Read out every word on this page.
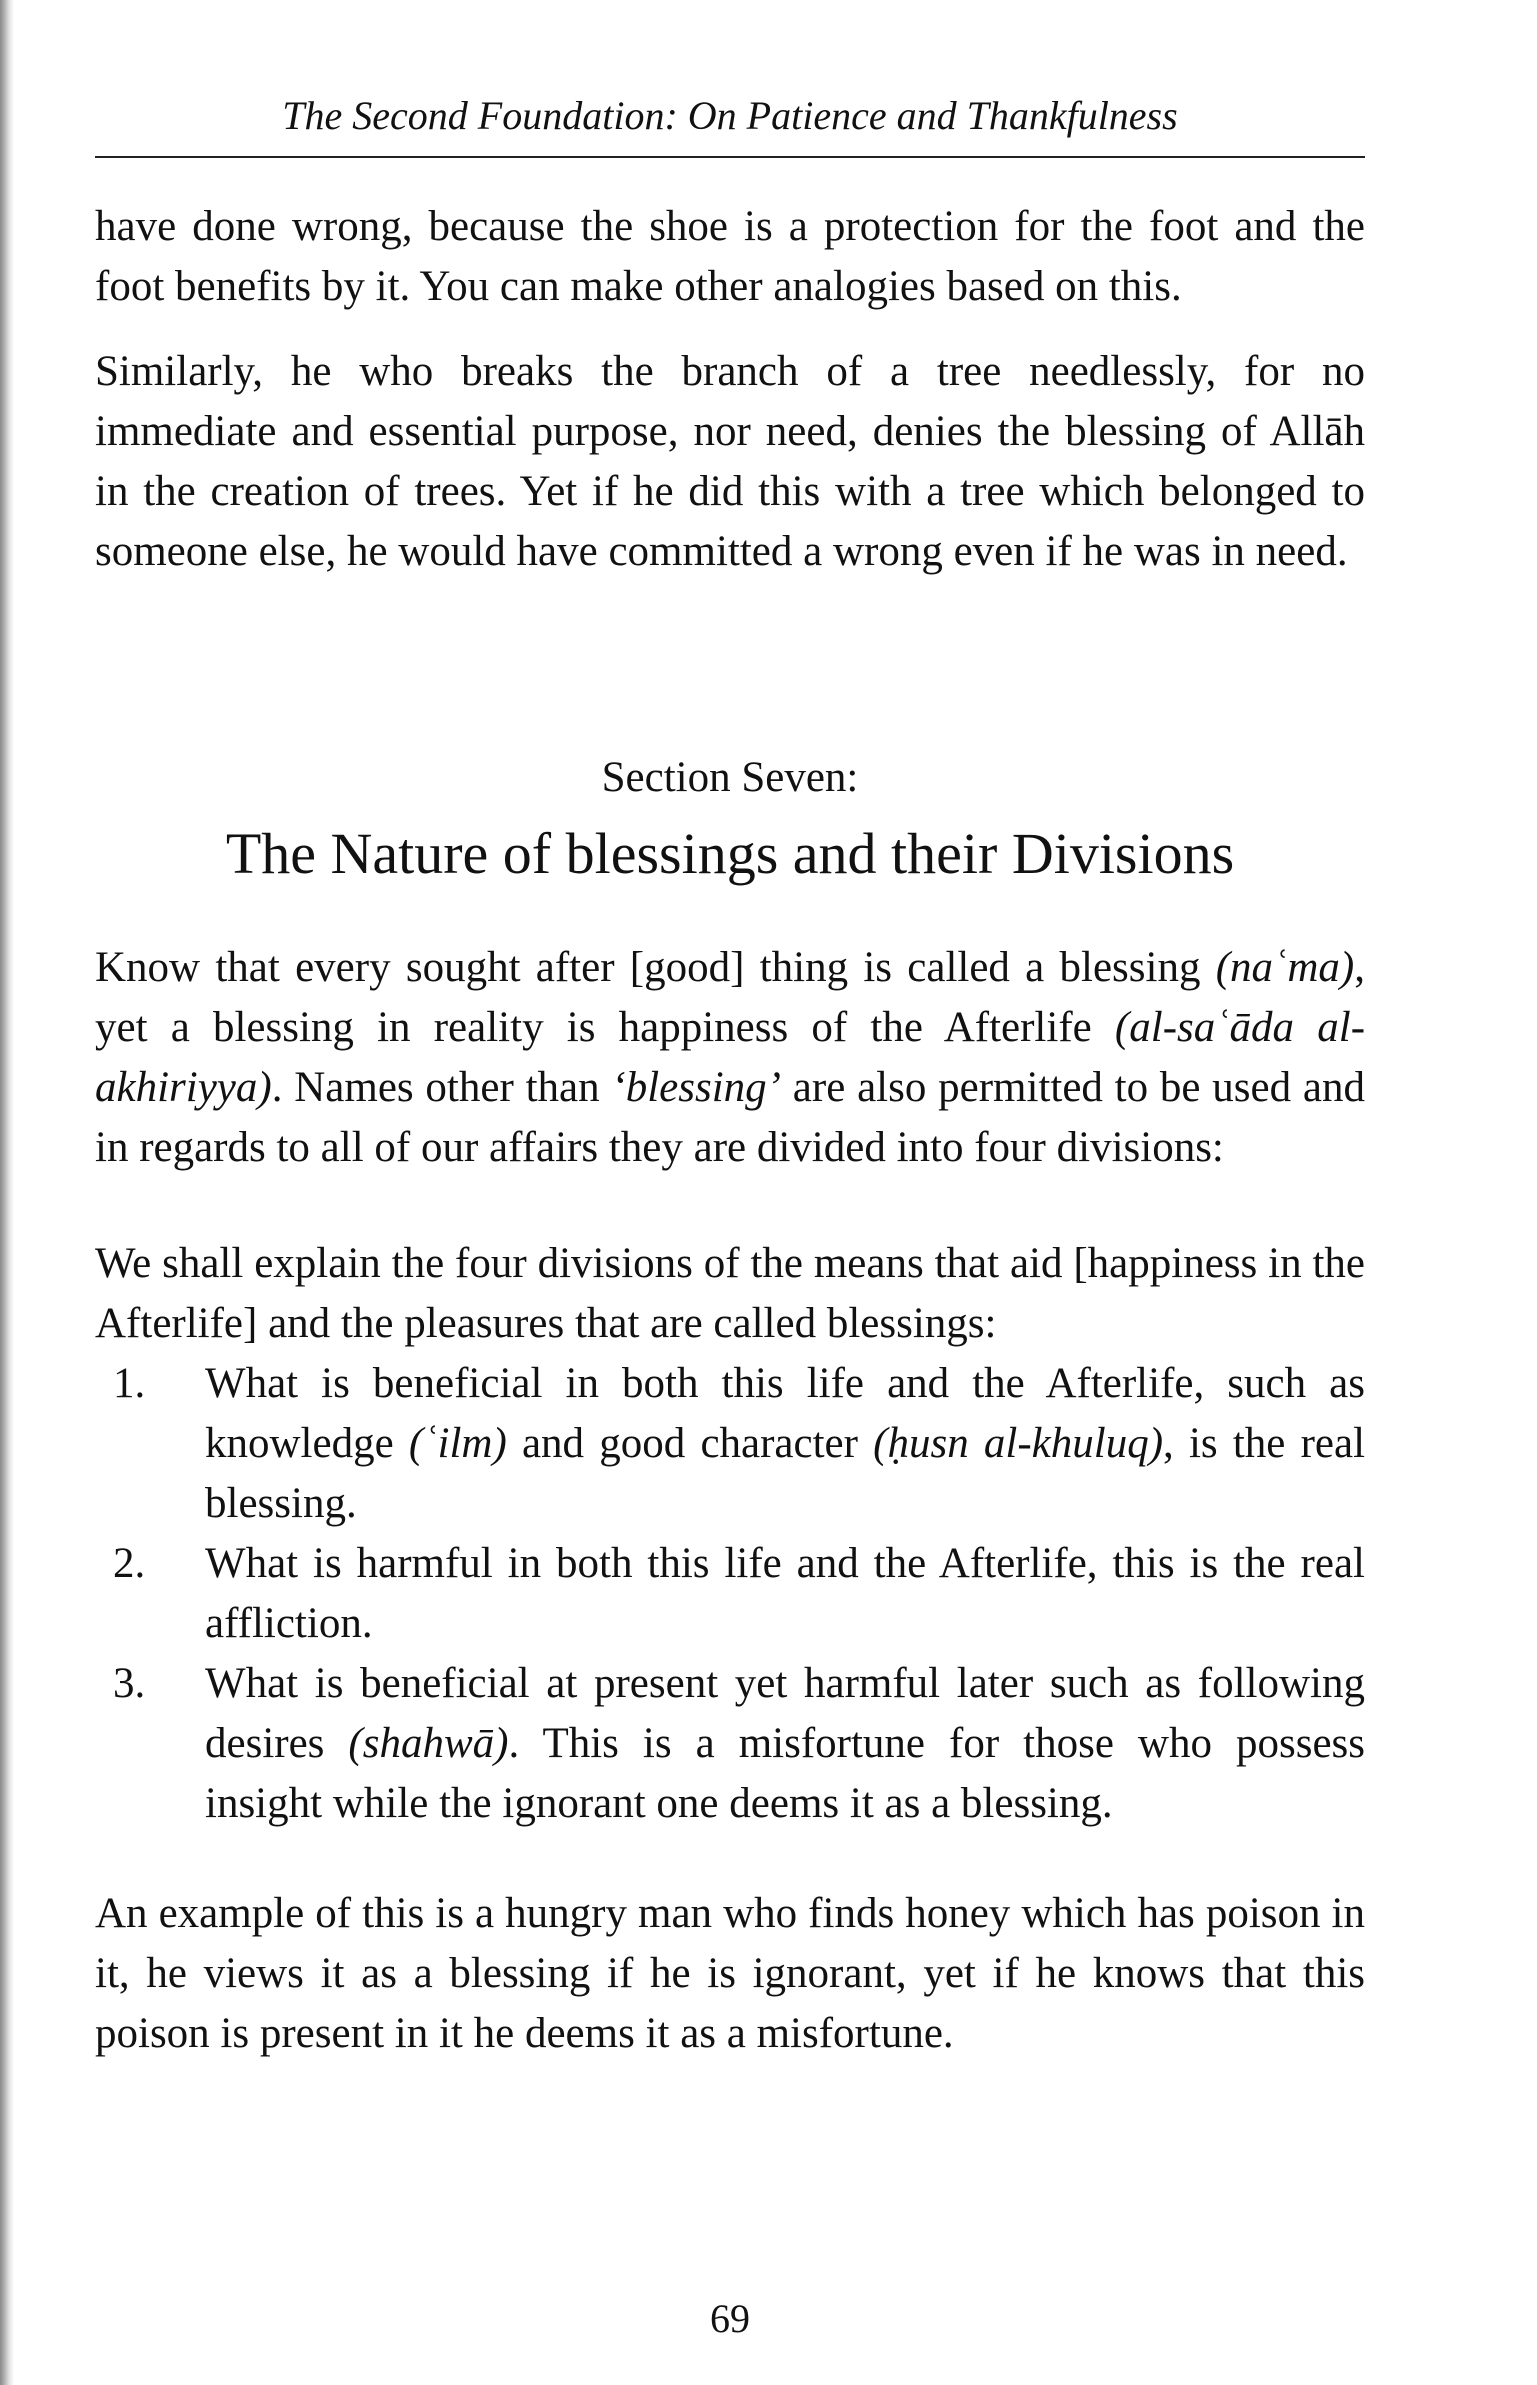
The Second Foundation: On Patience and Thankfulness

have done wrong, because the shoe is a protection for the foot and the foot benefits by it. You can make other analogies based on this.

Similarly, he who breaks the branch of a tree needlessly, for no immediate and essential purpose, nor need, denies the blessing of Allāh in the creation of trees. Yet if he did this with a tree which belonged to someone else, he would have committed a wrong even if he was in need.

Section Seven:
The Nature of blessings and their Divisions

Know that every sought after [good] thing is called a blessing (naʿma), yet a blessing in reality is happiness of the Afterlife (al-saʿāda al-akhiriyya). Names other than ‘blessing’ are also permitted to be used and in regards to all of our affairs they are divided into four divisions:

We shall explain the four divisions of the means that aid [happiness in the Afterlife] and the pleasures that are called blessings:

1. What is beneficial in both this life and the Afterlife, such as knowledge (ʿilm) and good character (ḥusn al-khuluq), is the real blessing.
2. What is harmful in both this life and the Afterlife, this is the real affliction.
3. What is beneficial at present yet harmful later such as following desires (shahwā). This is a misfortune for those who possess insight while the ignorant one deems it as a blessing.

An example of this is a hungry man who finds honey which has poison in it, he views it as a blessing if he is ignorant, yet if he knows that this poison is present in it he deems it as a misfortune.

69
